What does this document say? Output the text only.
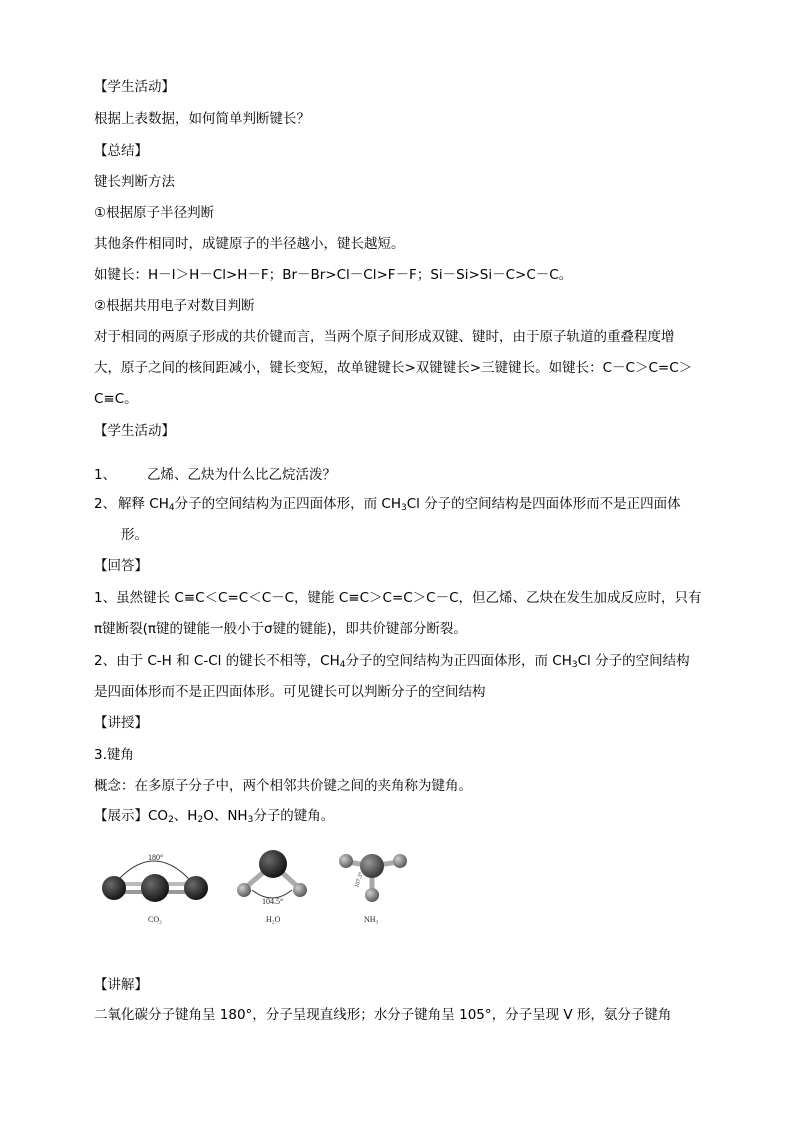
【学生活动】
根据上表数据，如何简单判断键长？
【总结】
键长判断方法
①根据原子半径判断
其他条件相同时，成键原子的半径越小，键长越短。
如键长：H－I＞H－Cl>H－F；Br－Br>Cl－Cl>F－F；Si－Si>Si－C>C－C。
②根据共用电子对数目判断
对于相同的两原子形成的共价键而言，当两个原子间形成双键、键时，由于原子轨道的重叠程度增
大，原子之间的核间距减小，键长变短，故单键键长>双键键长>三键键长。如键长：C－C＞C=C＞
C≡C。
【学生活动】
1、 乙烯、乙炔为什么比乙烷活泼？
2、 解释 $CH_4$分子的空间结构为正四面体形，而 $CH_3Cl$ 分子的空间结构是四面体形而不是正四面体
形。
【回答】
1、虽然键长 C≡C＜C=C＜C－C，键能 C≡C＞C=C＞C－C，但乙烯、乙炔在发生加成反应时，只有
π键断裂(π键的键能一般小于σ键的键能)，即共价键部分断裂。
2、由于 C-H 和 C-Cl 的键长不相等，$CH_4$分子的空间结构为正四面体形，而 $CH_3Cl$ 分子的空间结构
是四面体形而不是正四面体形。可见键长可以判断分子的空间结构
【讲授】
3.键角
概念：在多原子分子中，两个相邻共价键之间的夹角称为键角。
【展示】$CO_2$、$H_2O$、$NH_3$分子的键角。
180°
CO₂
104.5°
H₂O
107.3°
NH₃
【讲解】
二氧化碳分子键角呈 180°，分子呈现直线形；水分子键角呈 105°，分子呈现 V 形，氨分子键角
